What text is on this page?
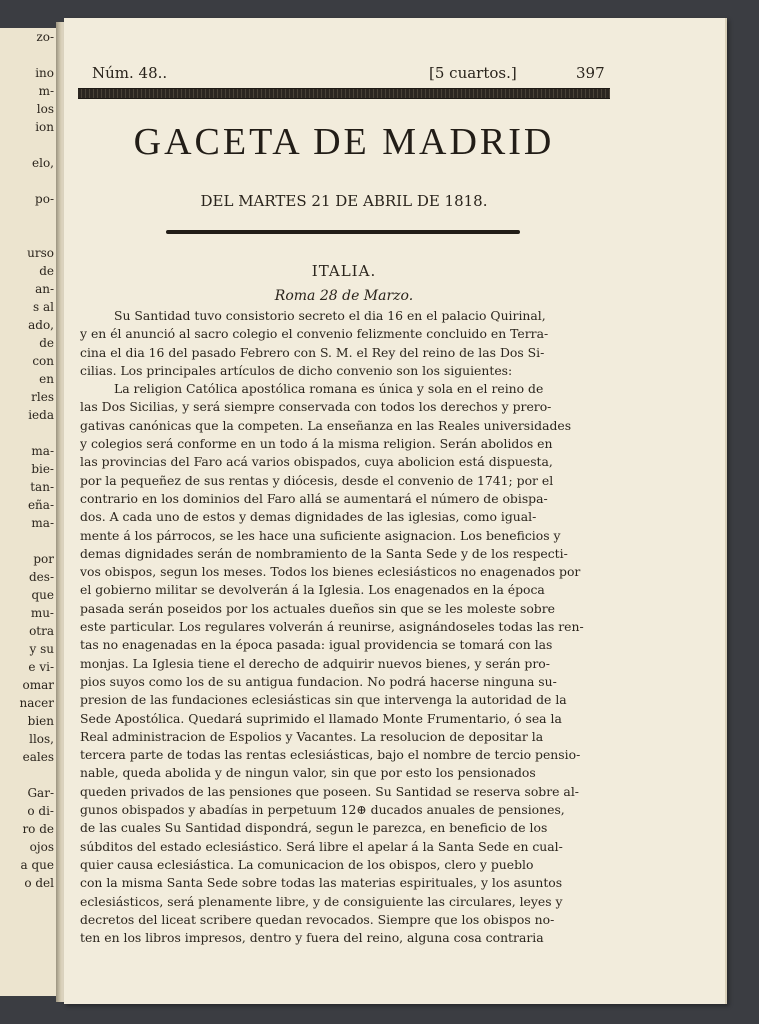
zo-
ino
m-
los
ion
elo,
po-
urso
de
an-
s al
ado,
de
con
en
rles
ieda
ma-
bie-
tan-
eña-
ma-
por
des-
que
mu-
otra
y su
e vi-
omar
nacer
bien
llos,
eales
Gar-
o di-
ro de
ojos
a que
o del
Núm. 48..	[5 cuartos.]	397
GACETA DE MADRID
DEL MARTES 21 DE ABRIL DE 1818.
ITALIA.
Roma 28 de Marzo.
Su Santidad tuvo consistorio secreto el dia 16 en el palacio Quirinal,
y en él anunció al sacro colegio el convenio felizmente concluido en Terra-
cina el dia 16 del pasado Febrero con S. M. el Rey del reino de las Dos Si-
cilias. Los principales artículos de dicho convenio son los siguientes:
La religion Católica apostólica romana es única y sola en el reino de
las Dos Sicilias, y será siempre conservada con todos los derechos y prero-
gativas canónicas que la competen. La enseñanza en las Reales universidades
y colegios será conforme en un todo á la misma religion. Serán abolidos en
las provincias del Faro acá varios obispados, cuya abolicion está dispuesta,
por la pequeñez de sus rentas y diócesis, desde el convenio de 1741; por el
contrario en los dominios del Faro allá se aumentará el número de obispa-
dos. A cada uno de estos y demas dignidades de las iglesias, como igual-
mente á los párrocos, se les hace una suficiente asignacion. Los beneficios y
demas dignidades serán de nombramiento de la Santa Sede y de los respecti-
vos obispos, segun los meses. Todos los bienes eclesiásticos no enagenados por
el gobierno militar se devolverán á la Iglesia. Los enagenados en la época
pasada serán poseidos por los actuales dueños sin que se les moleste sobre
este particular. Los regulares volverán á reunirse, asignándoseles todas las ren-
tas no enagenadas en la época pasada: igual providencia se tomará con las
monjas. La Iglesia tiene el derecho de adquirir nuevos bienes, y serán pro-
pios suyos como los de su antigua fundacion. No podrá hacerse ninguna su-
presion de las fundaciones eclesiásticas sin que intervenga la autoridad de la
Sede Apostólica. Quedará suprimido el llamado Monte Frumentario, ó sea la
Real administracion de Espolios y Vacantes. La resolucion de depositar la
tercera parte de todas las rentas eclesiásticas, bajo el nombre de tercio pensio-
nable, queda abolida y de ningun valor, sin que por esto los pensionados
queden privados de las pensiones que poseen. Su Santidad se reserva sobre al-
gunos obispados y abadías in perpetuum 12⊕ ducados anuales de pensiones,
de las cuales Su Santidad dispondrá, segun le parezca, en beneficio de los
súbditos del estado eclesiástico. Será libre el apelar á la Santa Sede en cual-
quier causa eclesiástica. La comunicacion de los obispos, clero y pueblo
con la misma Santa Sede sobre todas las materias espirituales, y los asuntos
eclesiásticos, será plenamente libre, y de consiguiente las circulares, leyes y
decretos del liceat scribere quedan revocados. Siempre que los obispos no-
ten en los libros impresos, dentro y fuera del reino, alguna cosa contraria
